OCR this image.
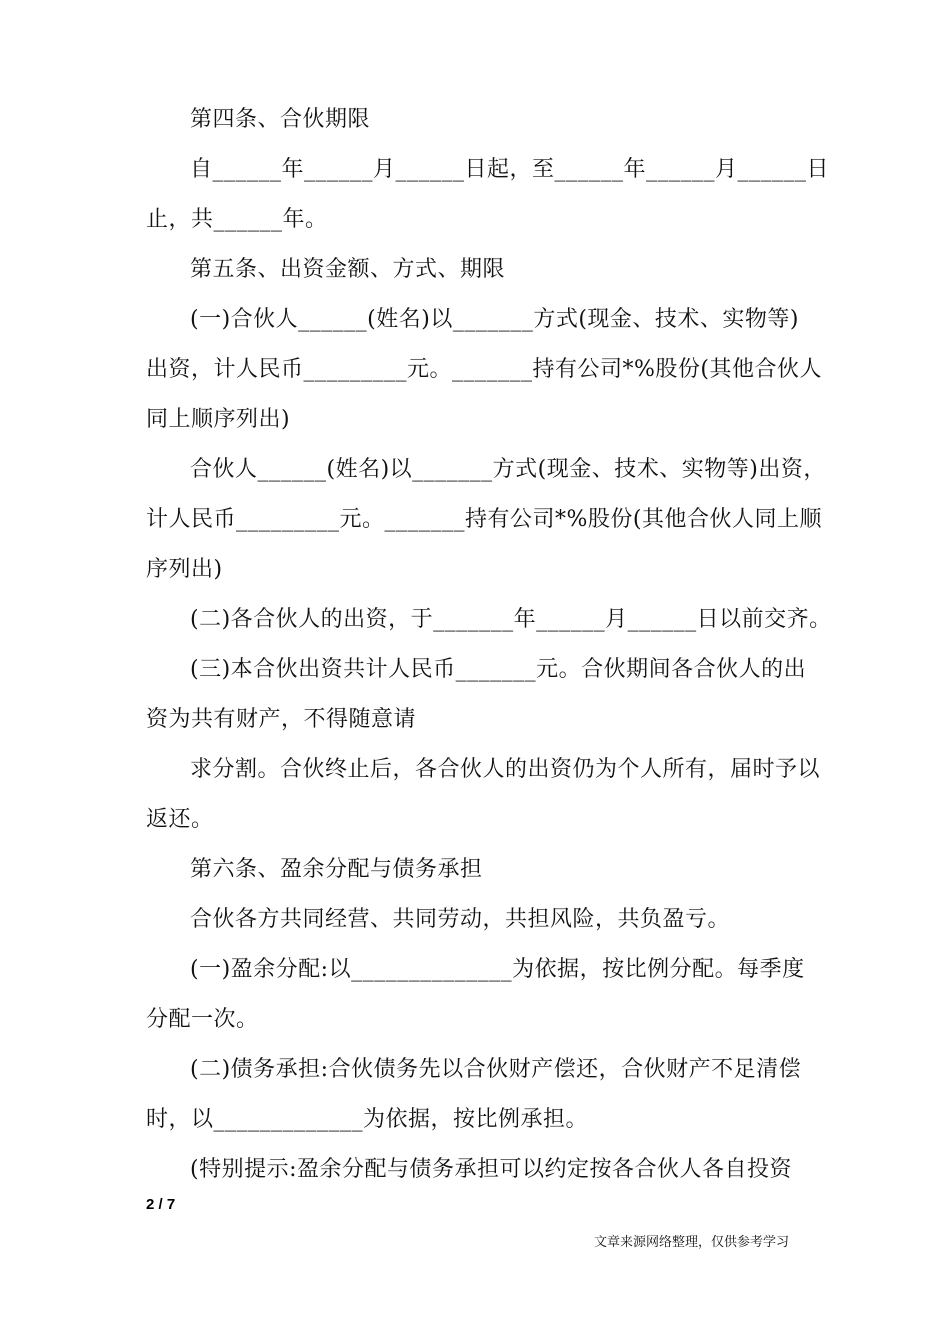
第四条、合伙期限
自______年______月______日起，至______年______月______日
止，共______年。
第五条、出资金额、方式、期限
(一)合伙人______(姓名)以_______方式(现金、技术、实物等)
出资，计人民币_________元。_______持有公司*%股份(其他合伙人
同上顺序列出)
合伙人______(姓名)以_______方式(现金、技术、实物等)出资，
计人民币_________元。_______持有公司*%股份(其他合伙人同上顺
序列出)
(二)各合伙人的出资，于_______年______月______日以前交齐。
(三)本合伙出资共计人民币_______元。合伙期间各合伙人的出
资为共有财产，不得随意请
求分割。合伙终止后，各合伙人的出资仍为个人所有，届时予以
返还。
第六条、盈余分配与债务承担
合伙各方共同经营、共同劳动，共担风险，共负盈亏。
(一)盈余分配:以______________为依据，按比例分配。每季度
分配一次。
(二)债务承担:合伙债务先以合伙财产偿还，合伙财产不足清偿
时，以_____________为依据，按比例承担。
(特别提示:盈余分配与债务承担可以约定按各合伙人各自投资
2 / 7
文章来源网络整理，仅供参考学习
